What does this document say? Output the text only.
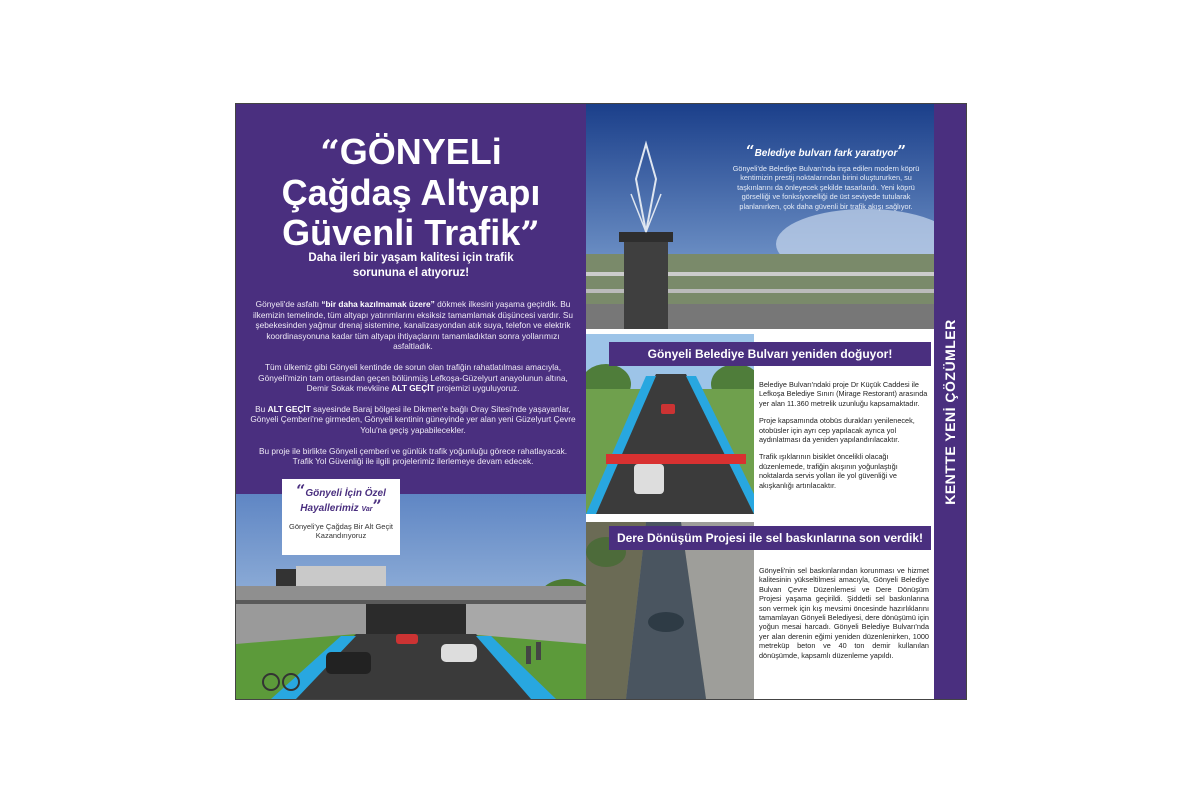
“GÖNYELi
Çağdaş Altyapı
Güvenli Trafik”
Daha ileri bir yaşam kalitesi için trafik sorununa el atıyoruz!

Gönyeli'de asfaltı “bir daha kazılmamak üzere” dökmek ilkesini yaşama geçirdik. Bu ilkemizin temelinde, tüm altyapı yatırımlarını eksiksiz tamamlamak düşüncesi vardır. Su şebekesinden yağmur drenaj sistemine, kanalizasyondan atık suya, telefon ve elektrik koordinasyonuna kadar tüm altyapı ihtiyaçlarını tamamladıktan sonra yollarımızı asfaltladık.

Tüm ülkemiz gibi Gönyeli kentinde de sorun olan trafiğin rahatlatılması amacıyla, Gönyeli'mizin tam ortasından geçen bölünmüş Lefkoşa-Güzelyurt anayolunun altına, Demir Sokak mevkiine ALT GEÇİT projemizi uyguluyoruz.

Bu ALT GEÇİT sayesinde Baraj bölgesi ile Dikmen'e bağlı Oray Sitesi'nde yaşayanlar, Gönyeli Çemberi'ne girmeden, Gönyeli kentinin güneyinde yer alan yeni Güzelyurt Çevre Yolu'na geçiş yapabilecekler.

Bu proje ile birlikte Gönyeli çemberi ve günlük trafik yoğunluğu görece rahatlayacak. Trafik Yol Güvenliği ile ilgili projelerimiz ilerlemeye devam edecek.

“Gönyeli İçin Özel
Hayallerimiz Var”
Gönyeli'ye Çağdaş Bir Alt Geçit Kazandırıyoruz
“Belediye bulvarı fark yaratıyor”
Gönyeli'de Belediye Bulvarı'nda inşa edilen modern köprü kentimizin prestij noktalarından birini oluştururken, su taşkınlarını da önleyecek şekilde tasarlandı. Yeni köprü görselliği ve fonksiyonelliği de üst seviyede tutularak planlanırken, çok daha güvenli bir trafik akışı sağlıyor.
Gönyeli Belediye Bulvarı yeniden doğuyor!
Dere Dönüşüm Projesi ile sel baskınlarına son verdik!

Belediye Bulvarı'ndaki proje Dr Küçük Caddesi ile Lefkoşa Belediye Sınırı (Mirage Restorant) arasında yer alan 11.360 metrelik uzunluğu kapsamaktadır.

Proje kapsamında otobüs durakları yenilenecek, otobüsler için ayrı cep yapılacak ayrıca yol aydınlatması da yeniden yapılandırılacaktır.

Trafik ışıklarının bisiklet öncelikli olacağı düzenlemede, trafiğin akışının yoğunlaştığı noktalarda servis yolları ile yol güvenliği ve akışkanlığı artırılacaktır.

Gönyeli'nin sel baskınlarından korunması ve hizmet kalitesinin yükseltilmesi amacıyla, Gönyeli Belediye Bulvarı Çevre Düzenlemesi ve Dere Dönüşüm Projesi yaşama geçirildi. Şiddetli sel baskınlarına son vermek için kış mevsimi öncesinde hazırlıklarını tamamlayan Gönyeli Belediyesi, dere dönüşümü için yoğun mesai harcadı. Gönyeli Belediye Bulvarı'nda yer alan derenin eğimi yeniden düzenlenirken, 1000 metreküp beton ve 40 ton demir kullanılan dönüşümde, kapsamlı düzenleme yapıldı.
KENTTE YENİ ÇÖZÜMLER
